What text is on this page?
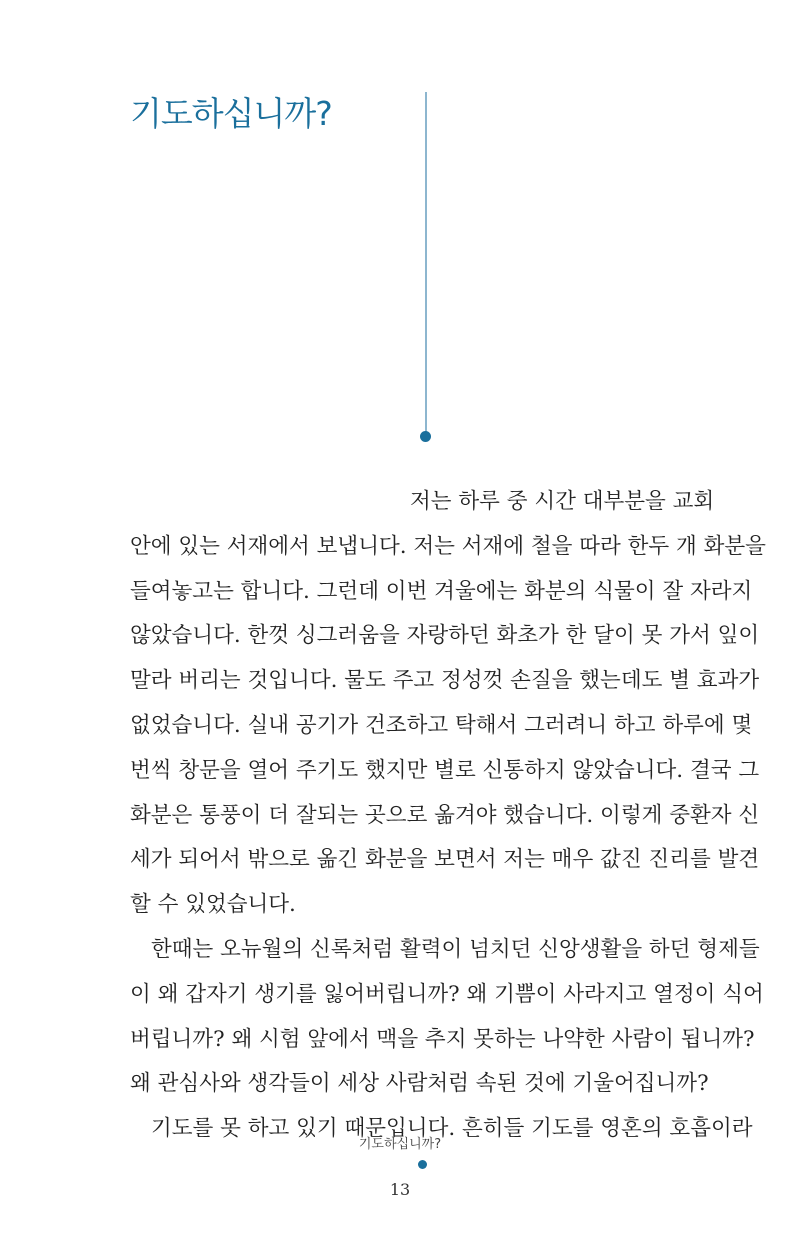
기도하십니까?
저는 하루 중 시간 대부분을 교회
안에 있는 서재에서 보냅니다. 저는 서재에 철을 따라 한두 개 화분을
들여놓고는 합니다. 그런데 이번 겨울에는 화분의 식물이 잘 자라지
않았습니다. 한껏 싱그러움을 자랑하던 화초가 한 달이 못 가서 잎이
말라 버리는 것입니다. 물도 주고 정성껏 손질을 했는데도 별 효과가
없었습니다. 실내 공기가 건조하고 탁해서 그러려니 하고 하루에 몇
번씩 창문을 열어 주기도 했지만 별로 신통하지 않았습니다. 결국 그
화분은 통풍이 더 잘되는 곳으로 옮겨야 했습니다. 이렇게 중환자 신
세가 되어서 밖으로 옮긴 화분을 보면서 저는 매우 값진 진리를 발견
할 수 있었습니다.
한때는 오뉴월의 신록처럼 활력이 넘치던 신앙생활을 하던 형제들
이 왜 갑자기 생기를 잃어버립니까? 왜 기쁨이 사라지고 열정이 식어
버립니까? 왜 시험 앞에서 맥을 추지 못하는 나약한 사람이 됩니까?
왜 관심사와 생각들이 세상 사람처럼 속된 것에 기울어집니까?
기도를 못 하고 있기 때문입니다. 흔히들 기도를 영혼의 호흡이라
기도하십니까?
13
